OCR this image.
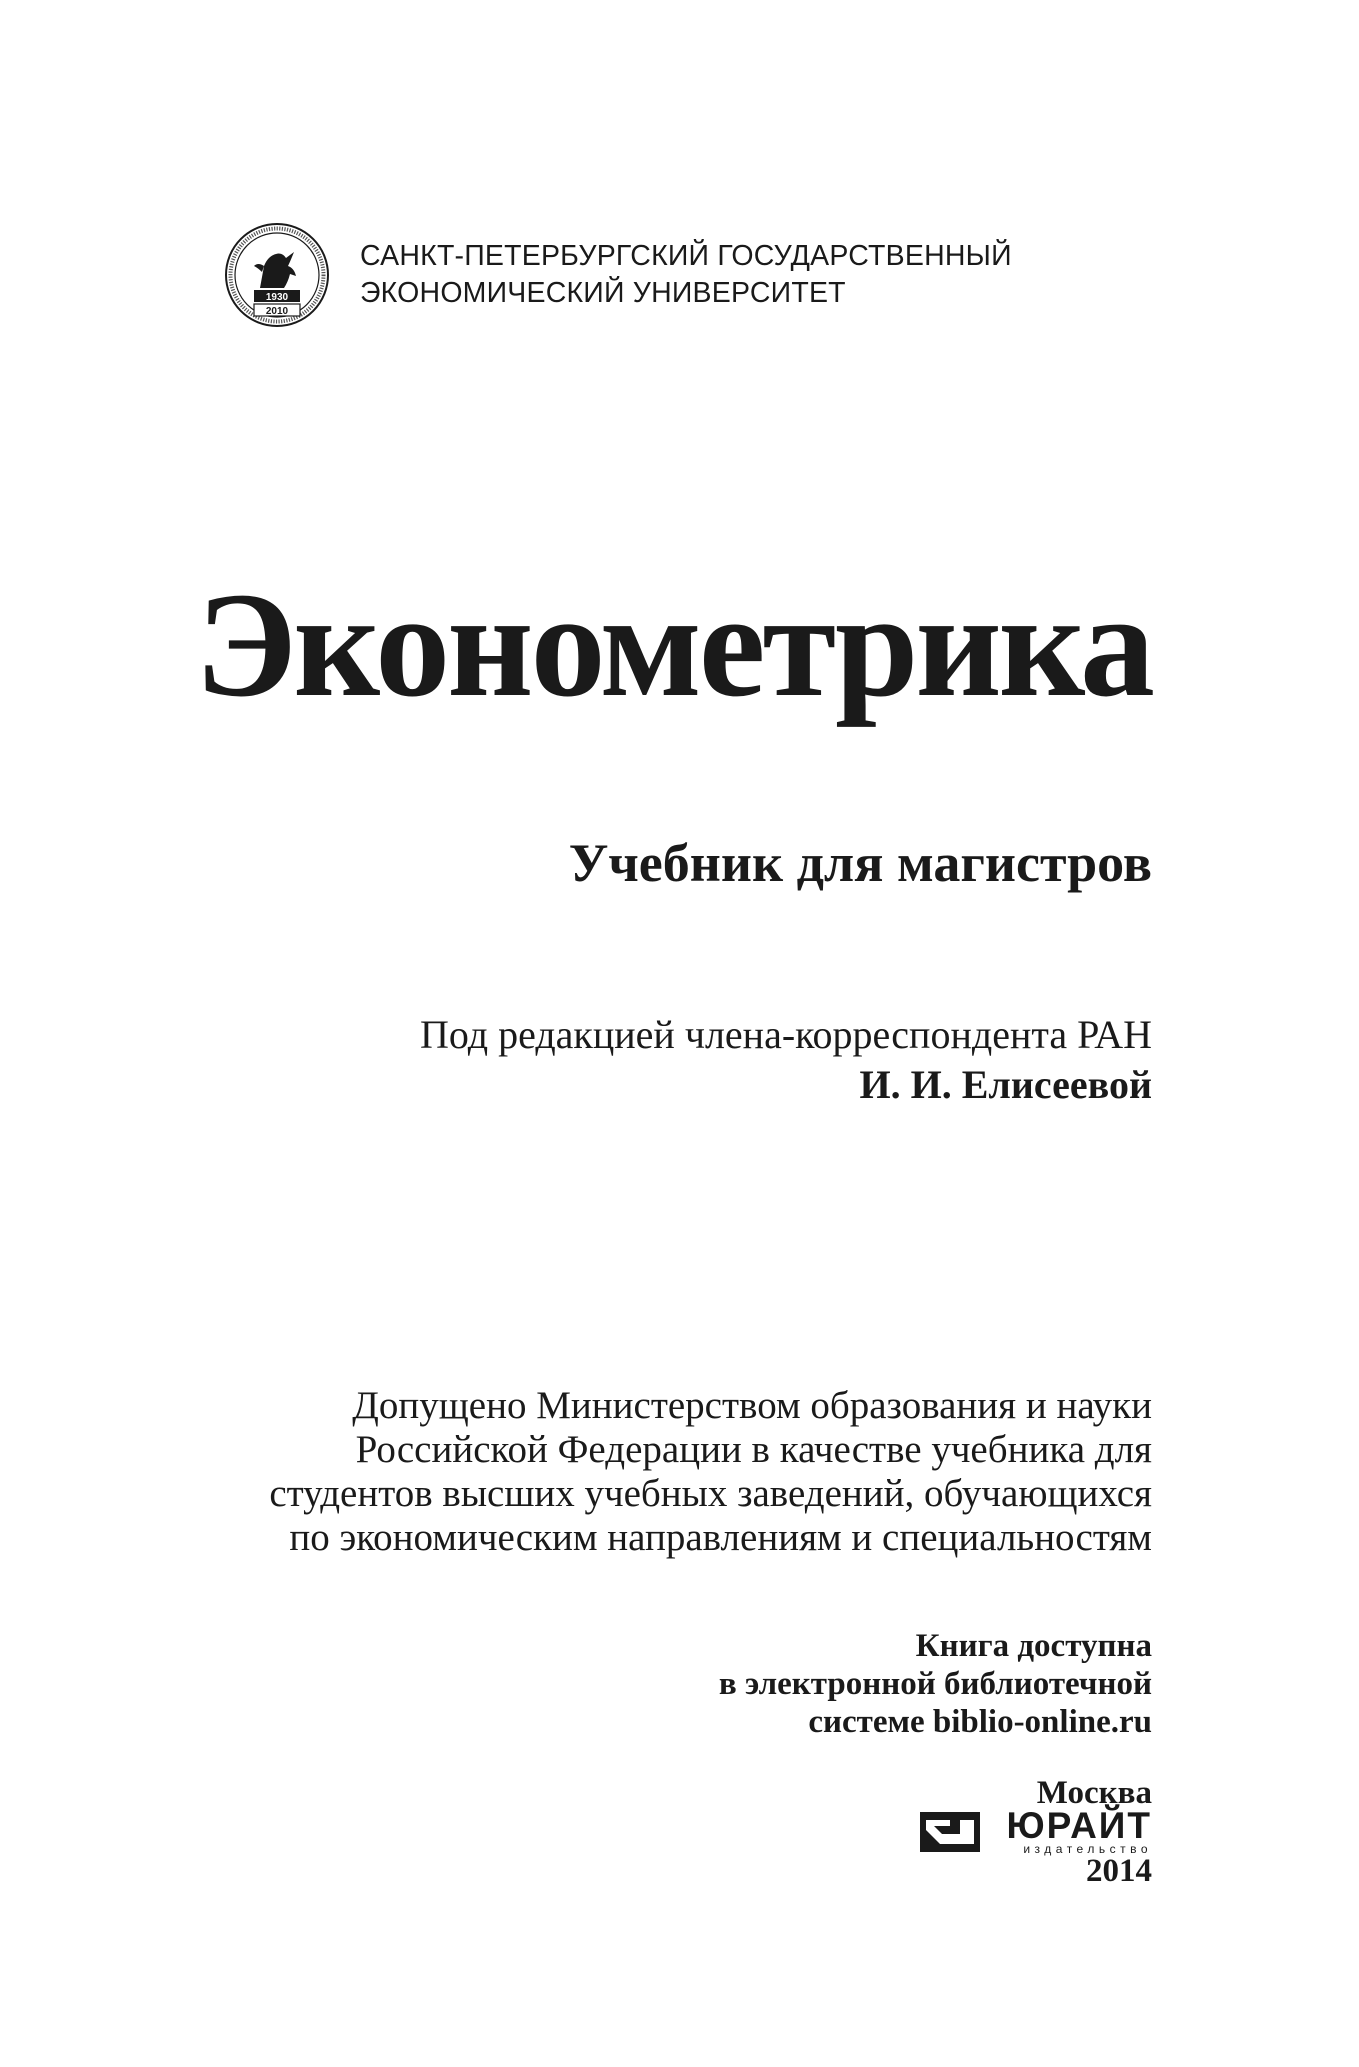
1930
2010
САНКТ-ПЕТЕРБУРГСКИЙ ГОСУДАРСТВЕННЫЙ
ЭКОНОМИЧЕСКИЙ УНИВЕРСИТЕТ
Эконометрика
Учебник для магистров
Под редакцией члена-корреспондента РАН
И. И. Елисеевой
Допущено Министерством образования и науки
Российской Федерации в качестве учебника для
студентов высших учебных заведений, обучающихся
по экономическим направлениям и специальностям
Книга доступна
в электронной библиотечной
системе biblio-online.ru
Москва
ЮРАЙТ
издательство
2014
